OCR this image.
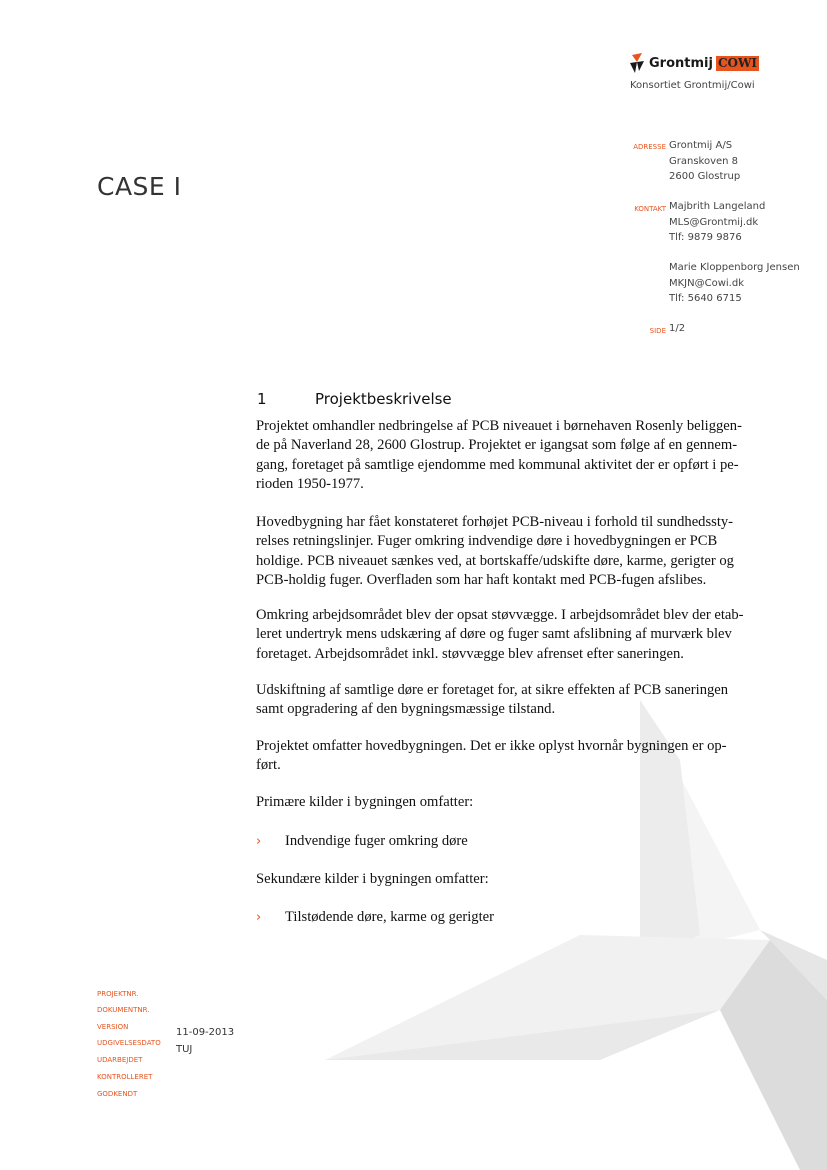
Grontmij COWI
Konsortiet Grontmij/Cowi
CASE I
ADRESSE Grontmij A/S
Granskoven 8
2600 Glostrup
KONTAKT Majbrith Langeland
MLS@Grontmij.dk
Tlf: 9879 9876
Marie Kloppenborg Jensen
MKJN@Cowi.dk
Tlf: 5640 6715
SIDE 1/2
1	Projektbeskrivelse
Projektet omhandler nedbringelse af PCB niveauet i børnehaven Rosenly beliggen-
de på Naverland 28, 2600 Glostrup. Projektet er igangsat som følge af en gennem-
gang, foretaget på samtlige ejendomme med kommunal aktivitet der er opført i pe-
rioden 1950-1977.
Hovedbygning har fået konstateret forhøjet PCB-niveau i forhold til sundhedssty-
relses retningslinjer. Fuger omkring indvendige døre i hovedbygningen er PCB
holdige. PCB niveauet sænkes ved, at bortskaffe/udskifte døre, karme, gerigter og
PCB-holdig fuger. Overfladen som har haft kontakt med PCB-fugen afslibes.
Omkring arbejdsområdet blev der opsat støvvægge. I arbejdsområdet blev der etab-
leret undertryk mens udskæring af døre og fuger samt afslibning af murværk blev
foretaget. Arbejdsområdet inkl. støvvægge blev afrenset efter saneringen.
Udskiftning af samtlige døre er foretaget for, at sikre effekten af PCB saneringen
samt opgradering af den bygningsmæssige tilstand.
Projektet omfatter hovedbygningen. Det er ikke oplyst hvornår bygningen er op-
ført.
Primære kilder i bygningen omfatter:
› Indvendige fuger omkring døre
Sekundære kilder i bygningen omfatter:
› Tilstødende døre, karme og gerigter
PROJEKTNR.
DOKUMENTNR.
VERSION
UDGIVELSESDATO
11-09-2013
UDARBEJDET
TUJ
KONTROLLERET
GODKENDT
